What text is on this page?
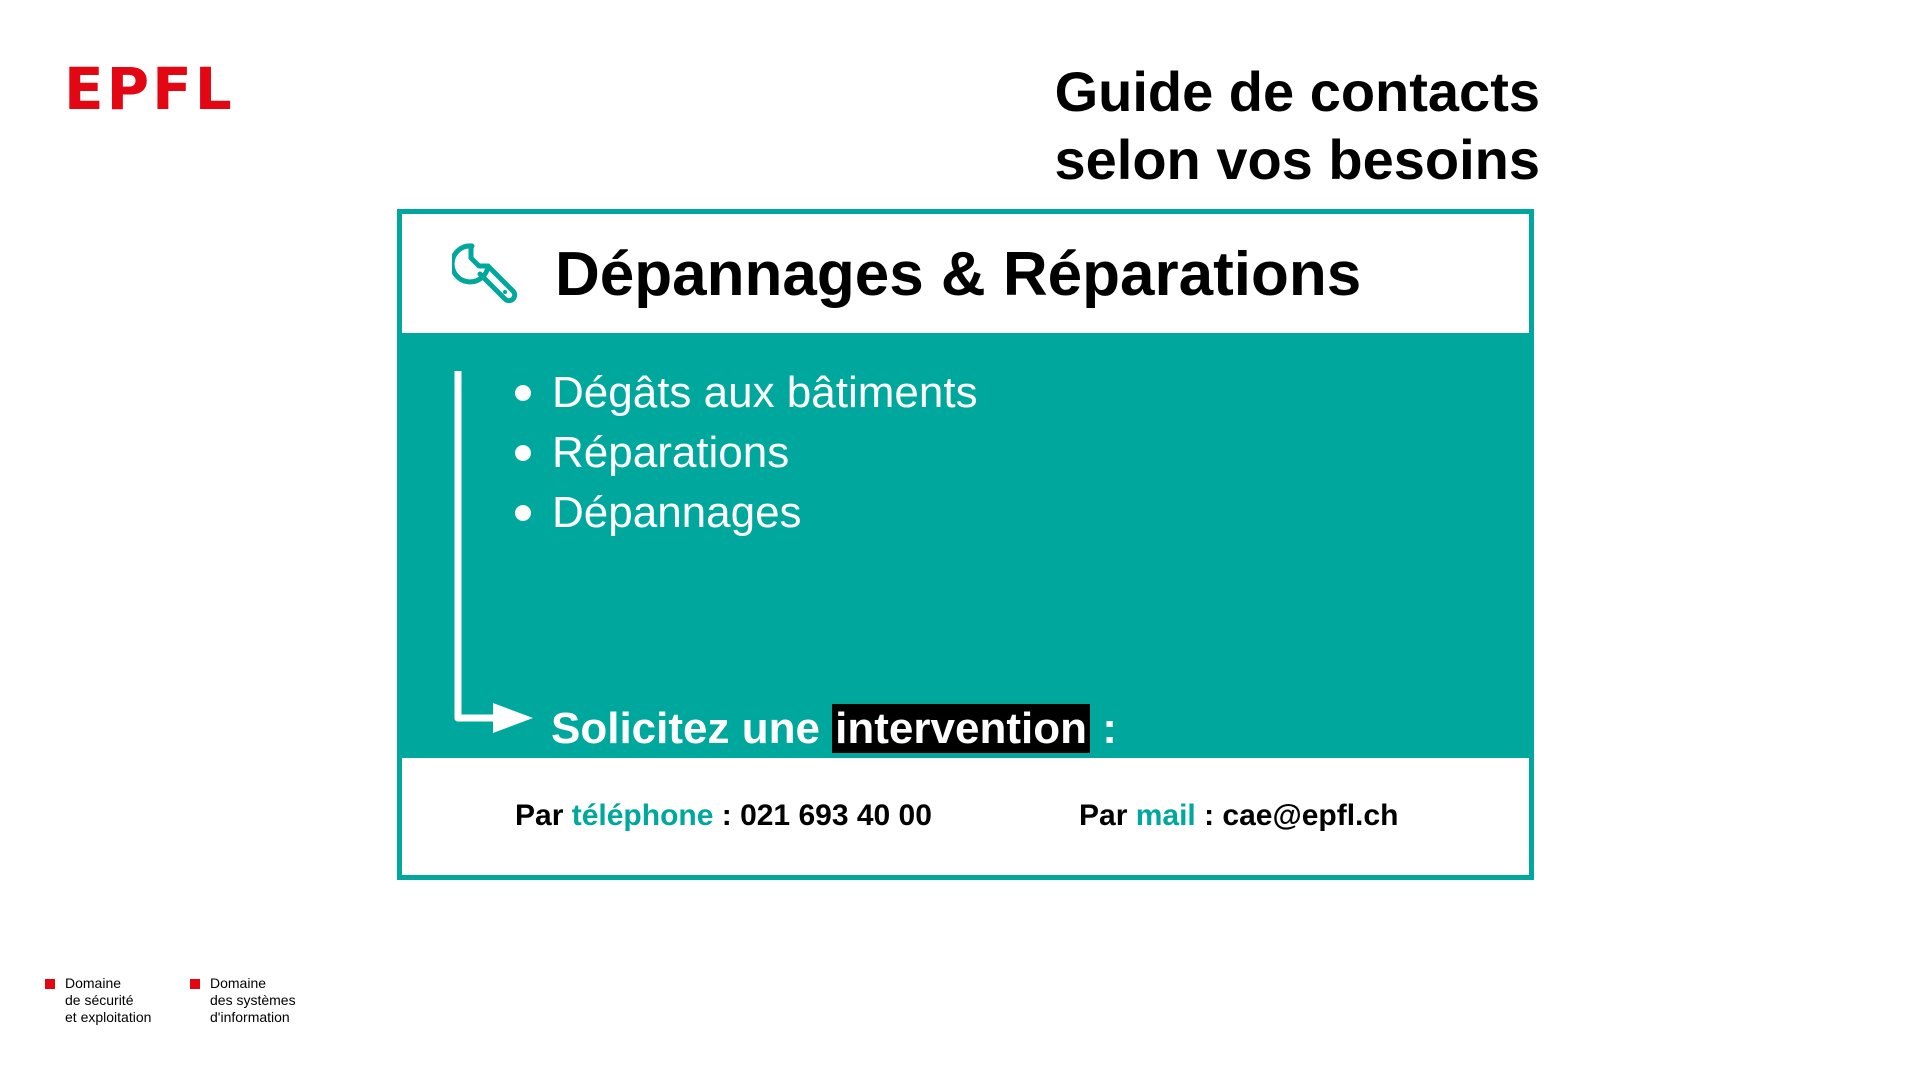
EPFL	Guide de contacts
selon vos besoins
Dépannages & Réparations
Dégâts aux bâtiments
Réparations
Dépannages
Solicitez une intervention :
Par téléphone : 021 693 40 00	Par mail : cae@epfl.ch
Domaine
de sécurité
et exploitation
Domaine
des systèmes
d'information
